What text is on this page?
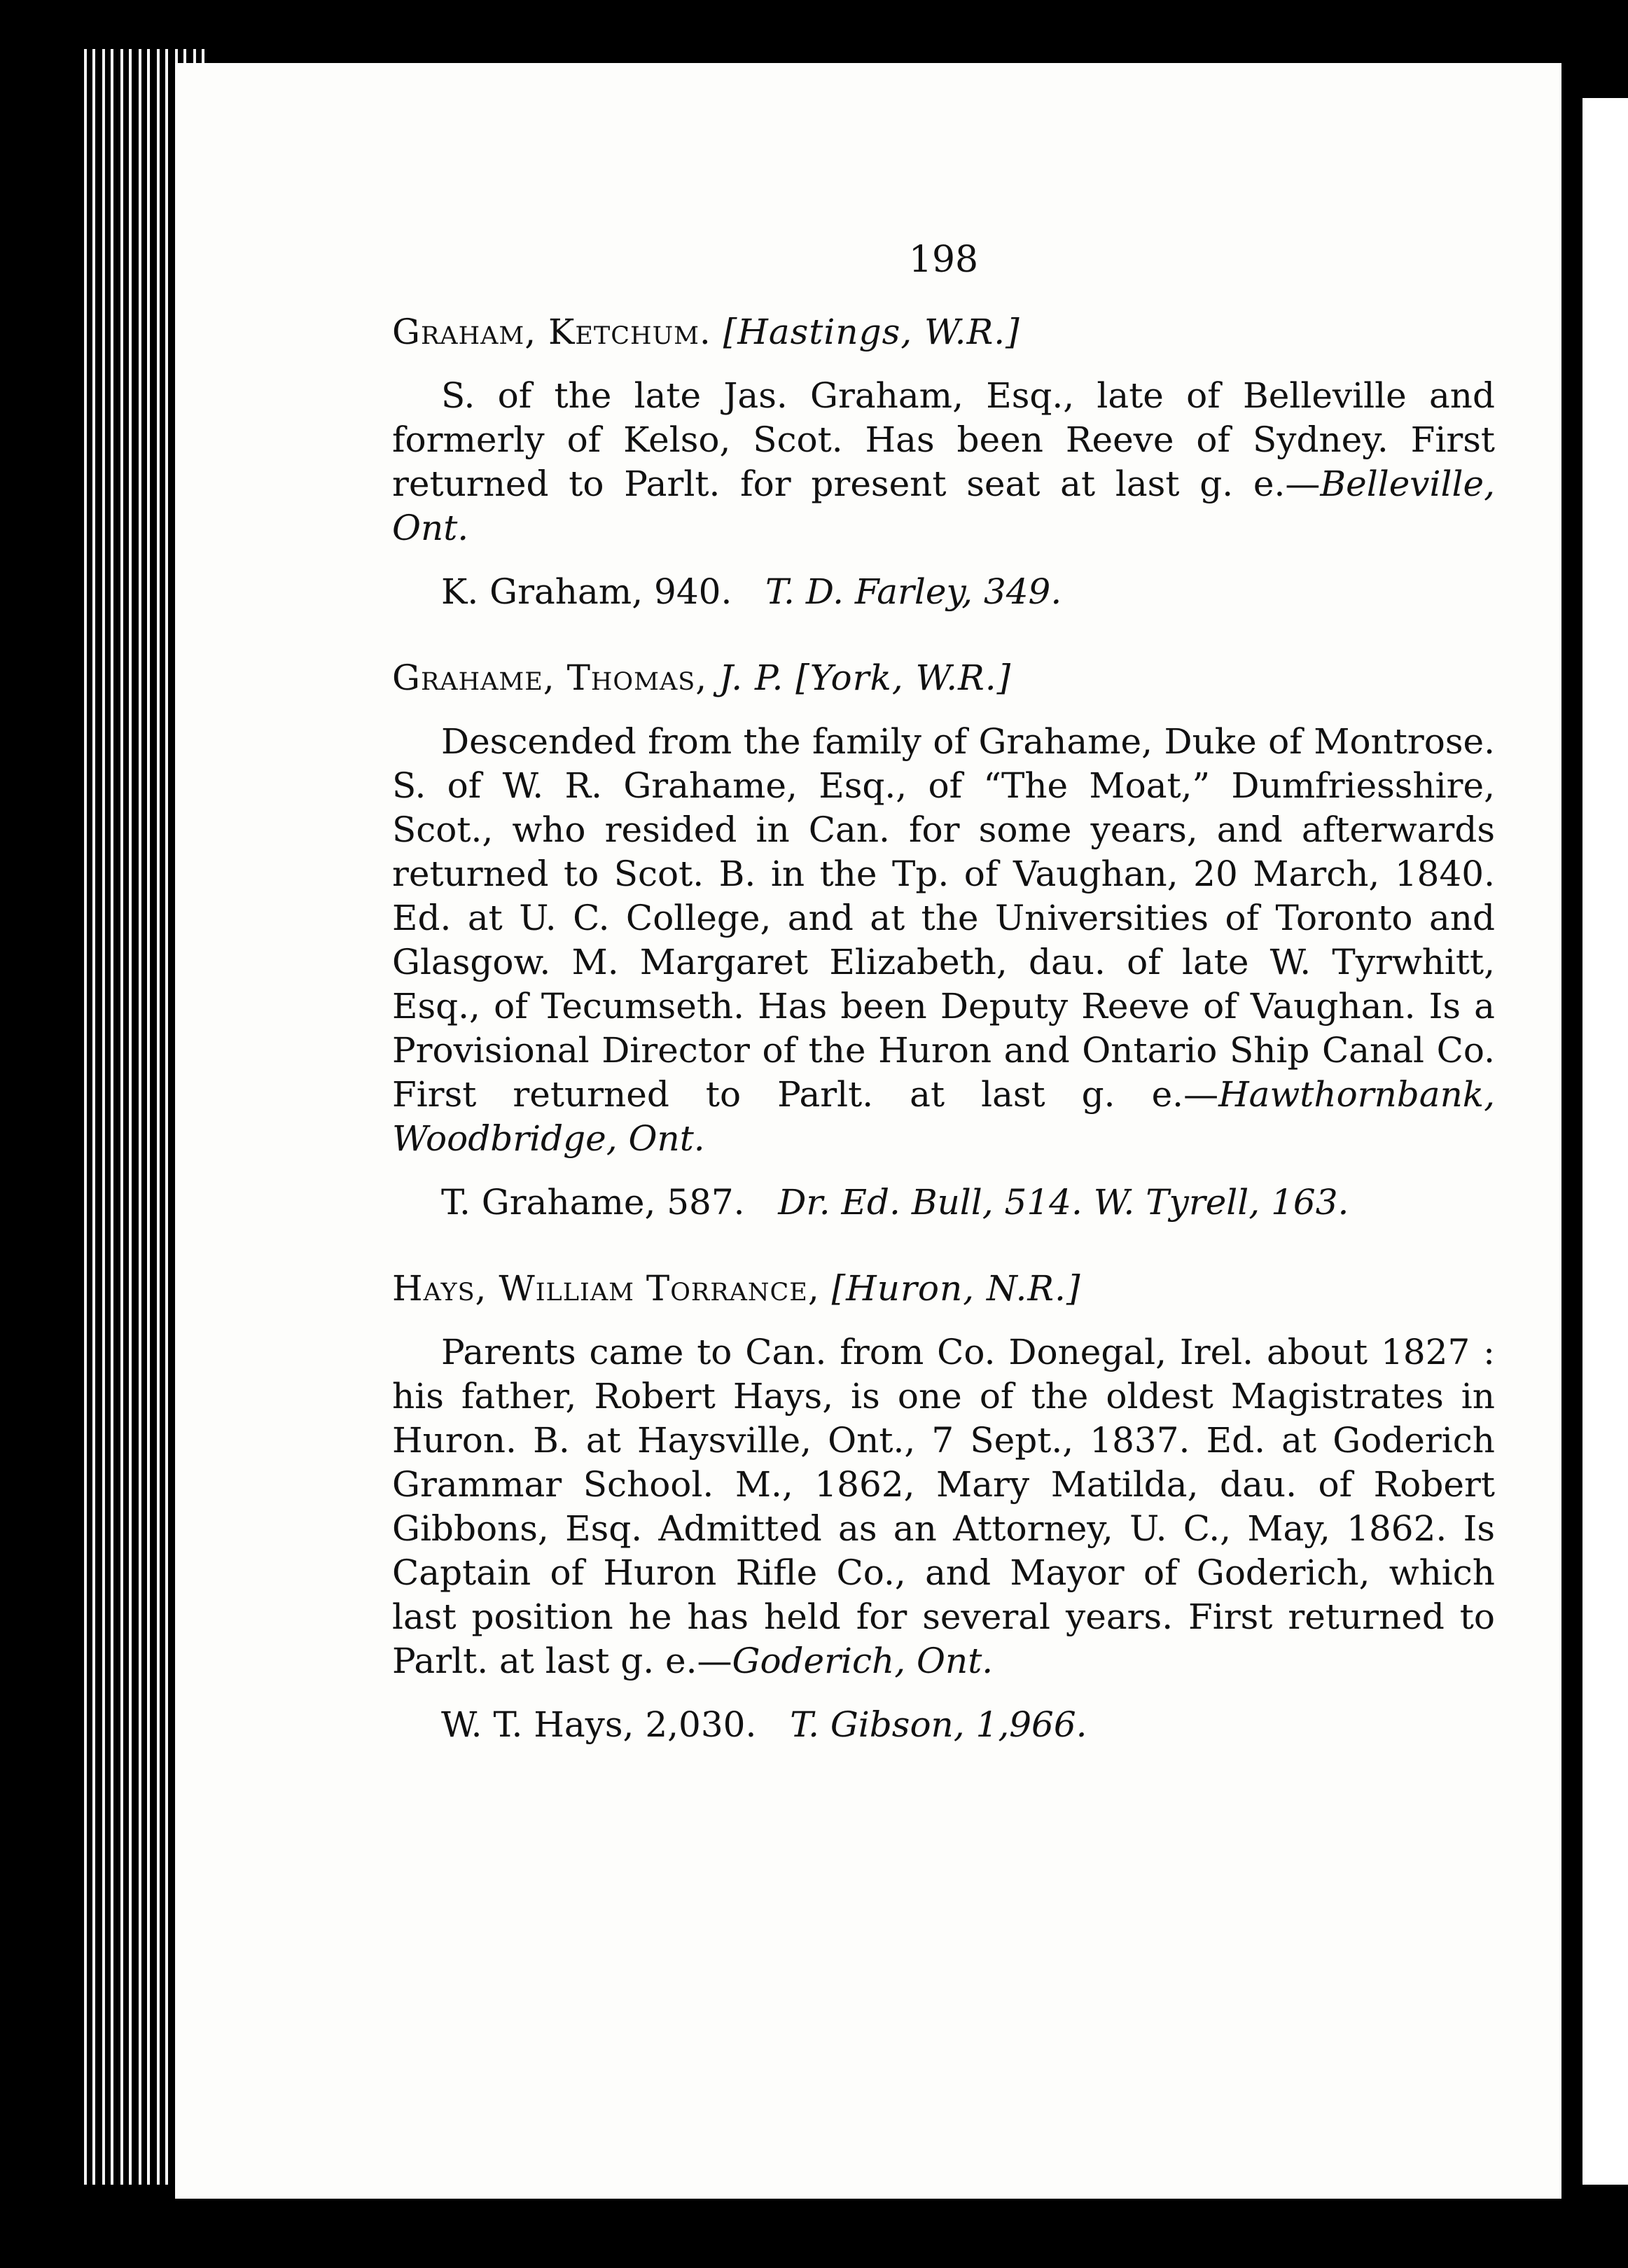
198
Graham, Ketchum. [Hastings, W.R.]

S. of the late Jas. Graham, Esq., late of Belleville and formerly of Kelso, Scot. Has been Reeve of Sydney. First returned to Parlt. for present seat at last g. e.—Belleville, Ont.

K. Graham, 940. T. D. Farley, 349.
Grahame, Thomas, J. P. [York, W.R.]

Descended from the family of Grahame, Duke of Montrose. S. of W. R. Grahame, Esq., of “The Moat,” Dumfriesshire, Scot., who resided in Can. for some years, and afterwards returned to Scot. B. in the Tp. of Vaughan, 20 March, 1840. Ed. at U. C. College, and at the Universities of Toronto and Glasgow. M. Margaret Elizabeth, dau. of late W. Tyrwhitt, Esq., of Tecumseth. Has been Deputy Reeve of Vaughan. Is a Provisional Director of the Huron and Ontario Ship Canal Co. First returned to Parlt. at last g. e.—Hawthornbank, Woodbridge, Ont.

T. Grahame, 587. Dr. Ed. Bull, 514. W. Tyrell, 163.
Hays, William Torrance, [Huron, N.R.]

Parents came to Can. from Co. Donegal, Irel. about 1827 : his father, Robert Hays, is one of the oldest Magistrates in Huron. B. at Haysville, Ont., 7 Sept., 1837. Ed. at Goderich Grammar School. M., 1862, Mary Matilda, dau. of Robert Gibbons, Esq. Admitted as an Attorney, U. C., May, 1862. Is Captain of Huron Rifle Co., and Mayor of Goderich, which last position he has held for several years. First returned to Parlt. at last g. e.—Goderich, Ont.

W. T. Hays, 2,030. T. Gibson, 1,966.
